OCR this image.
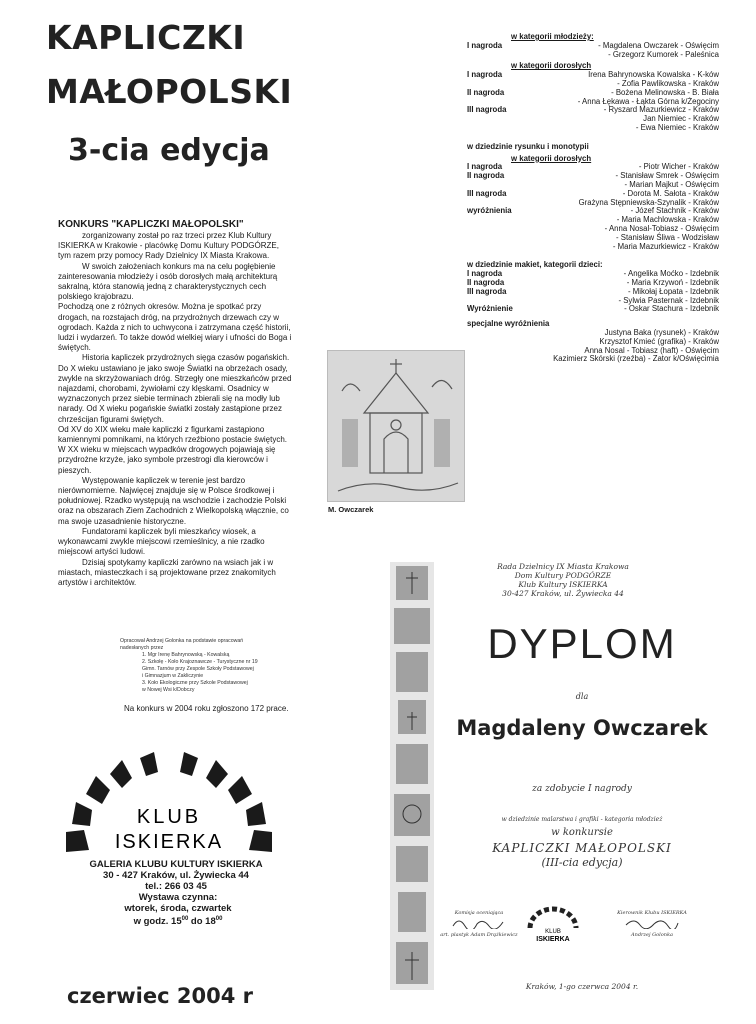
KAPLICZKI
MAŁOPOLSKI
3-cia edycja

KONKURS "KAPLICZKI MAŁOPOLSKI"

zorganizowany został po raz trzeci przez Klub Kultury ISKIERKA w Krakowie - placówkę Domu Kultury PODGÓRZE, tym razem przy pomocy Rady Dzielnicy IX Miasta Krakowa.

W swoich założeniach konkurs ma na celu pogłębienie zainteresowania młodzieży i osób dorosłych małą architekturą sakralną, która stanowią jedną z charakterystycznych cech polskiego krajobrazu.

Pochodzą one z różnych okresów. Można je spotkać przy drogach, na rozstajach dróg, na przydrożnych drzewach czy w ogrodach. Każda z nich to uchwycona i zatrzymana część historii, ludzi i wydarzeń. To także dowód wielkiej wiary i ufności do Boga i świętych.

Historia kapliczek przydrożnych sięga czasów pogańskich. Do X wieku ustawiano je jako swoje Światki na obrzeżach osady, zwykle na skrzyżowaniach dróg. Strzegły one mieszkańców przed najazdami, chorobami, żywiołami czy klęskami. Osadnicy w wyznaczonych przez siebie terminach zbierali się na modły lub narady. Od X wieku pogańskie światki zostały zastąpione przez chrześcijan figurami świętych.

Od XV do XIX wieku małe kapliczki z figurkami zastąpiono kamiennymi pomnikami, na których rzeźbiono postacie świętych. W XX wieku w miejscach wypadków drogowych pojawiają się przydrożne krzyże, jako symbole przestrogi dla kierowców i pieszych.

Występowanie kapliczek w terenie jest bardzo nierównomierne. Najwięcej znajduje się w Polsce środkowej i południowej. Rzadko występują na wschodzie i zachodzie Polski oraz na obszarach Ziem Zachodnich z Wielkopolską włącznie, co ma swoje uzasadnienie historyczne.

Fundatorami kapliczek byli mieszkańcy wiosek, a wykonawcami zwykle miejscowi rzemieślnicy, a nie rzadko miejscowi artyści ludowi.

Dzisiaj spotykamy kapliczki zarówno na wsiach jak i w miastach, miasteczkach i są projektowane przez znakomitych artystów i architektów.

Opracował Andrzej Golonka na podstawie opracowań
nadesłanych przez
1. Mgr Irenę Bahrynowską - Kowalską
2. Szkołę - Koło Krajoznawcze - Turystyczne nr 19
Gimn. Tarnów przy Zespole Szkoły Podstawowej
i Gimnazjum w Zakliczynie
3. Koło Ekologiczne przy Szkole Podstawowej
w Nowej Wsi k/Dobczy
Na konkurs w 2004 roku zgłoszono 172 prace.
KLUB
ISKIERKA
GALERIA KLUBU KULTURY ISKIERKA
30 - 427 Kraków, ul. Żywiecka 44
tel.: 266 03 45
Wystawa czynna:
wtorek, środa, czwartek
w godz. $15^{00}$ do $18^{00}$
czerwiec 2004 r
M. Owczarek
w kategorii młodzieży:
I nagroda	- Magdalena Owczarek - Oświęcim
- Grzegorz Kumorek - Paleśnica
w kategorii dorosłych
I nagroda	Irena Bahrynowska Kowalska - K-ków
- Zofia Pawlikowska - Kraków
II nagroda	- Bożena Melinowska - B. Biała
- Anna Łękawa - Łąkta Górna k/Żegociny
III nagroda	- Ryszard Mazurkiewicz - Kraków
Jan Niemiec - Kraków
- Ewa Niemiec - Kraków
w dziedzinie rysunku i monotypii
w kategorii dorosłych
I nagroda	- Piotr Wicher - Kraków
II nagroda	- Stanisław Smrek - Oświęcim
- Marian Majkut - Oświęcim
III nagroda	- Dorota M. Sałota - Kraków
Grażyna Stępniewska-Szynalik - Kraków
wyróżnienia	- Józef Stachnik - Kraków
- Maria Machlowska - Kraków
- Anna Nosal-Tobiasz - Oświęcim
- Stanisław Śliwa - Wodzisław
- Maria Mazurkiewicz - Kraków
w dziedzinie makiet, kategorii dzieci:
I nagroda	- Angelika Moćko - Izdebnik
II nagroda	- Maria Krzywoń - Izdebnik
III nagroda	- Mikołaj Łopata - Izdebnik
- Sylwia Pasternak - Izdebnik
Wyróżnienie	- Oskar Stachura - Izdebnik
specjalne wyróżnienia
Justyna Baka (rysunek) - Kraków
Krzysztof Kmieć (grafika) - Kraków
Anna Nosal - Tobiasz (haft) - Oświęcim
Kazimierz Skórski (rzeźba) - Zator k/Oświęcimia
Rada Dzielnicy IX Miasta Krakowa
Dom Kultury PODGÓRZE
Klub Kultury ISKIERKA
30-427 Kraków, ul. Żywiecka 44
DYPLOM
dla
Magdaleny Owczarek
za zdobycie I nagrody
w dziedzinie malarstwa i grafiki - kategoria młodzież
w konkursie
KAPLICZKI MAŁOPOLSKI
(III-cia edycja)
Komisja oceniająca
art. plastyk Adam Drążkiewicz	KLUB
ISKIERKA
Kierownik Klubu ISKIERKA
Andrzej Golonka
Kraków, 1-go czerwca 2004 r.
